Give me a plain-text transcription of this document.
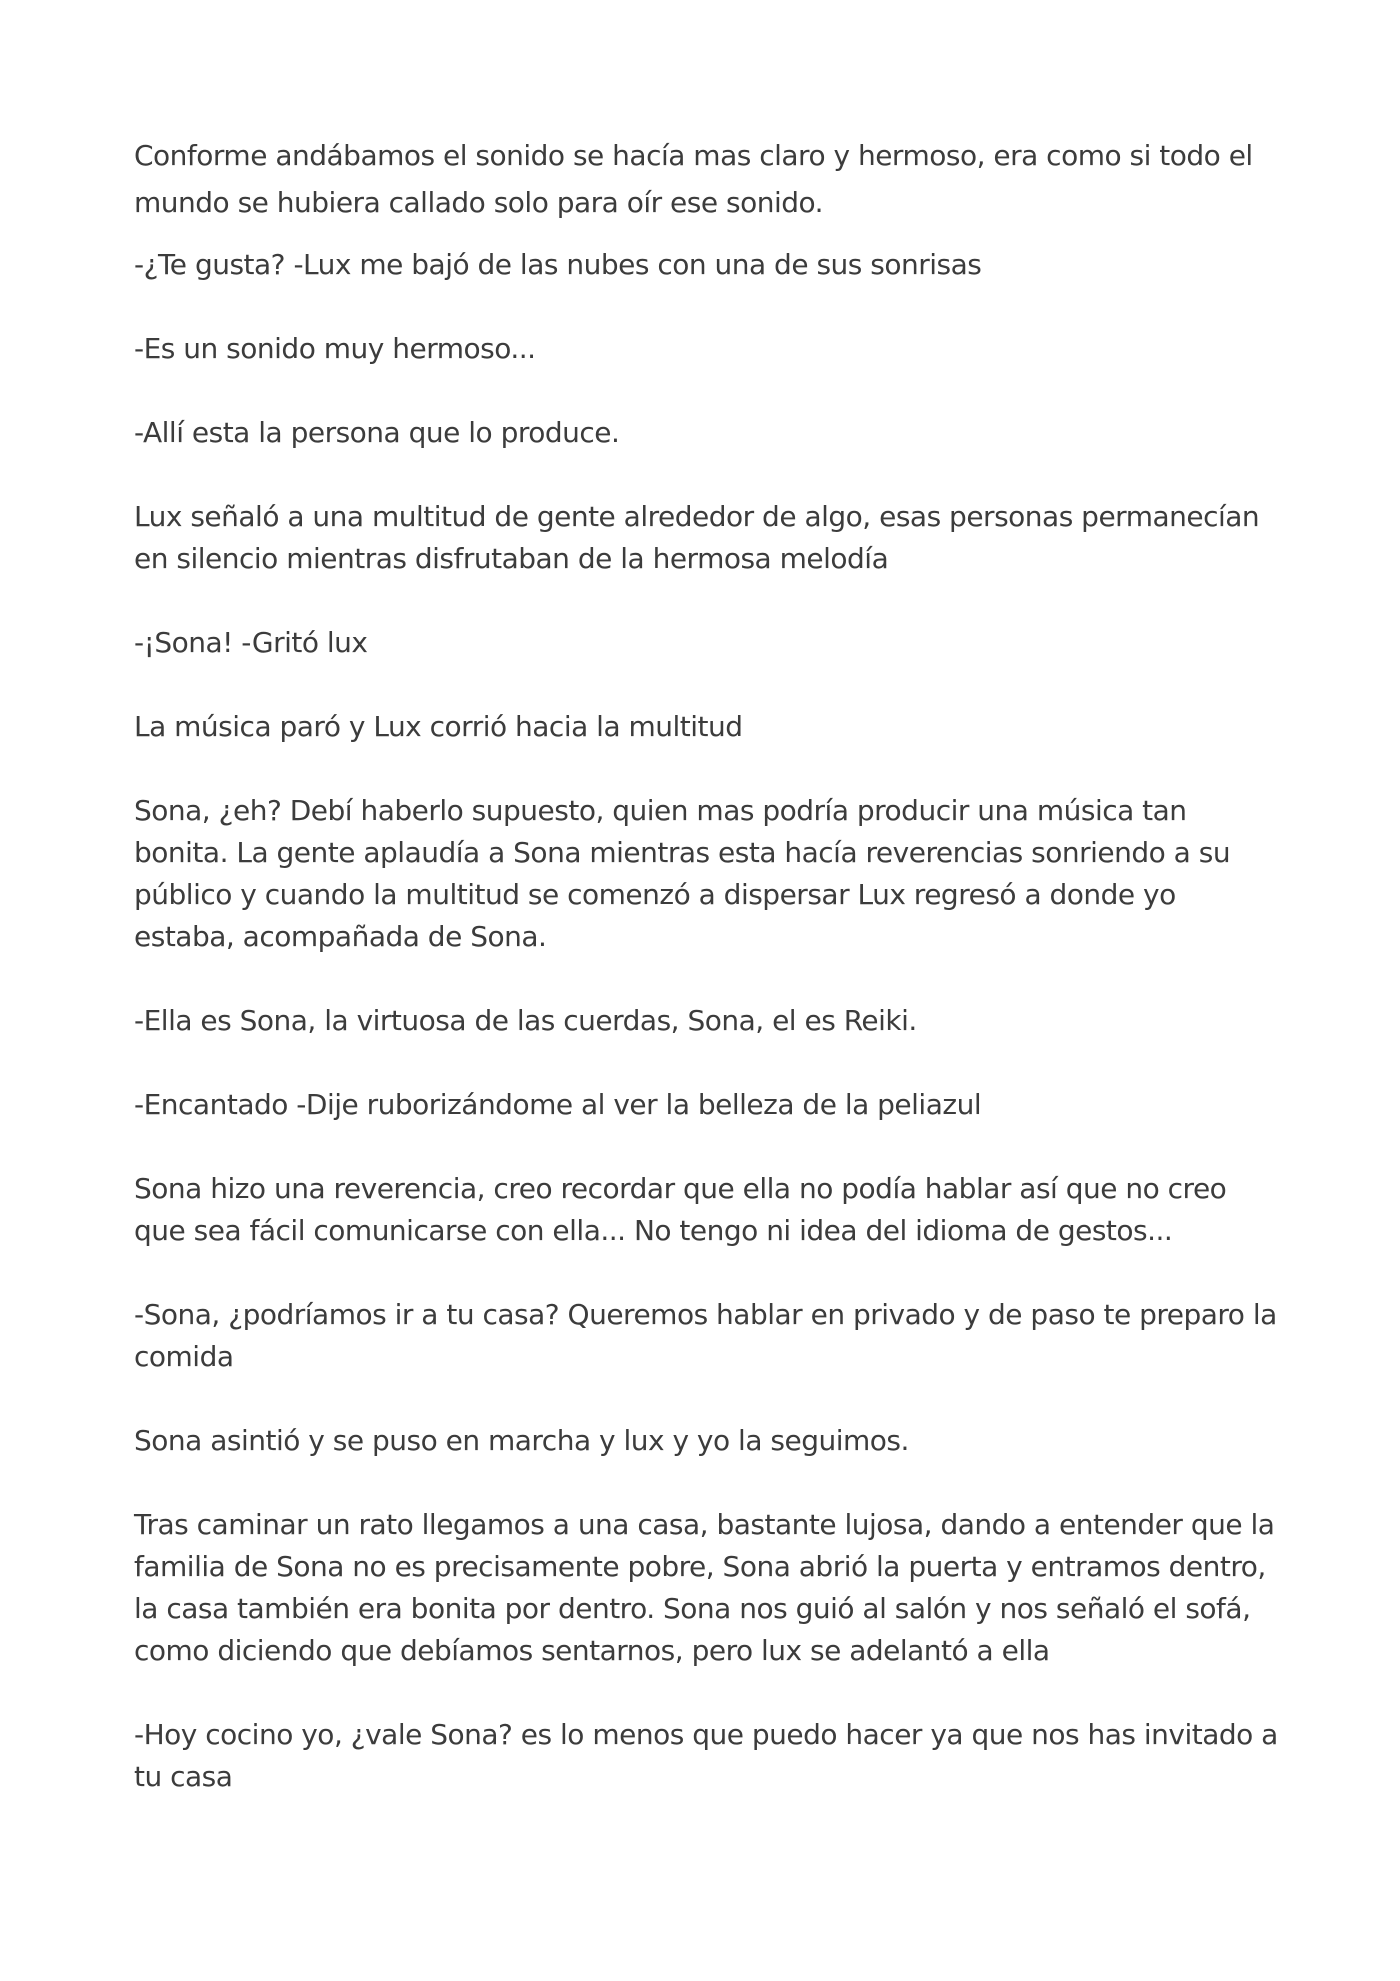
Conforme andábamos el sonido se hacía mas claro y hermoso, era como si todo el mundo se hubiera callado solo para oír ese sonido.

-¿Te gusta? -Lux me bajó de las nubes con una de sus sonrisas

-Es un sonido muy hermoso...

-Allí esta la persona que lo produce.

Lux señaló a una multitud de gente alrededor de algo, esas personas permanecían en silencio mientras disfrutaban de la hermosa melodía

-¡Sona! -Gritó lux

La música paró y Lux corrió hacia la multitud

Sona, ¿eh? Debí haberlo supuesto, quien mas podría producir una música tan bonita. La gente aplaudía a Sona mientras esta hacía reverencias sonriendo a su público y cuando la multitud se comenzó a dispersar Lux regresó a donde yo estaba, acompañada de Sona.

-Ella es Sona, la virtuosa de las cuerdas, Sona, el es Reiki.

-Encantado -Dije ruborizándome al ver la belleza de la peliazul

Sona hizo una reverencia, creo recordar que ella no podía hablar así que no creo que sea fácil comunicarse con ella... No tengo ni idea del idioma de gestos...

-Sona, ¿podríamos ir a tu casa? Queremos hablar en privado y de paso te preparo la comida

Sona asintió y se puso en marcha y lux y yo la seguimos.

Tras caminar un rato llegamos a una casa, bastante lujosa, dando a entender que la familia de Sona no es precisamente pobre, Sona abrió la puerta y entramos dentro, la casa también era bonita por dentro. Sona nos guió al salón y nos señaló el sofá, como diciendo que debíamos sentarnos, pero lux se adelantó a ella

-Hoy cocino yo, ¿vale Sona? es lo menos que puedo hacer ya que nos has invitado a tu casa
